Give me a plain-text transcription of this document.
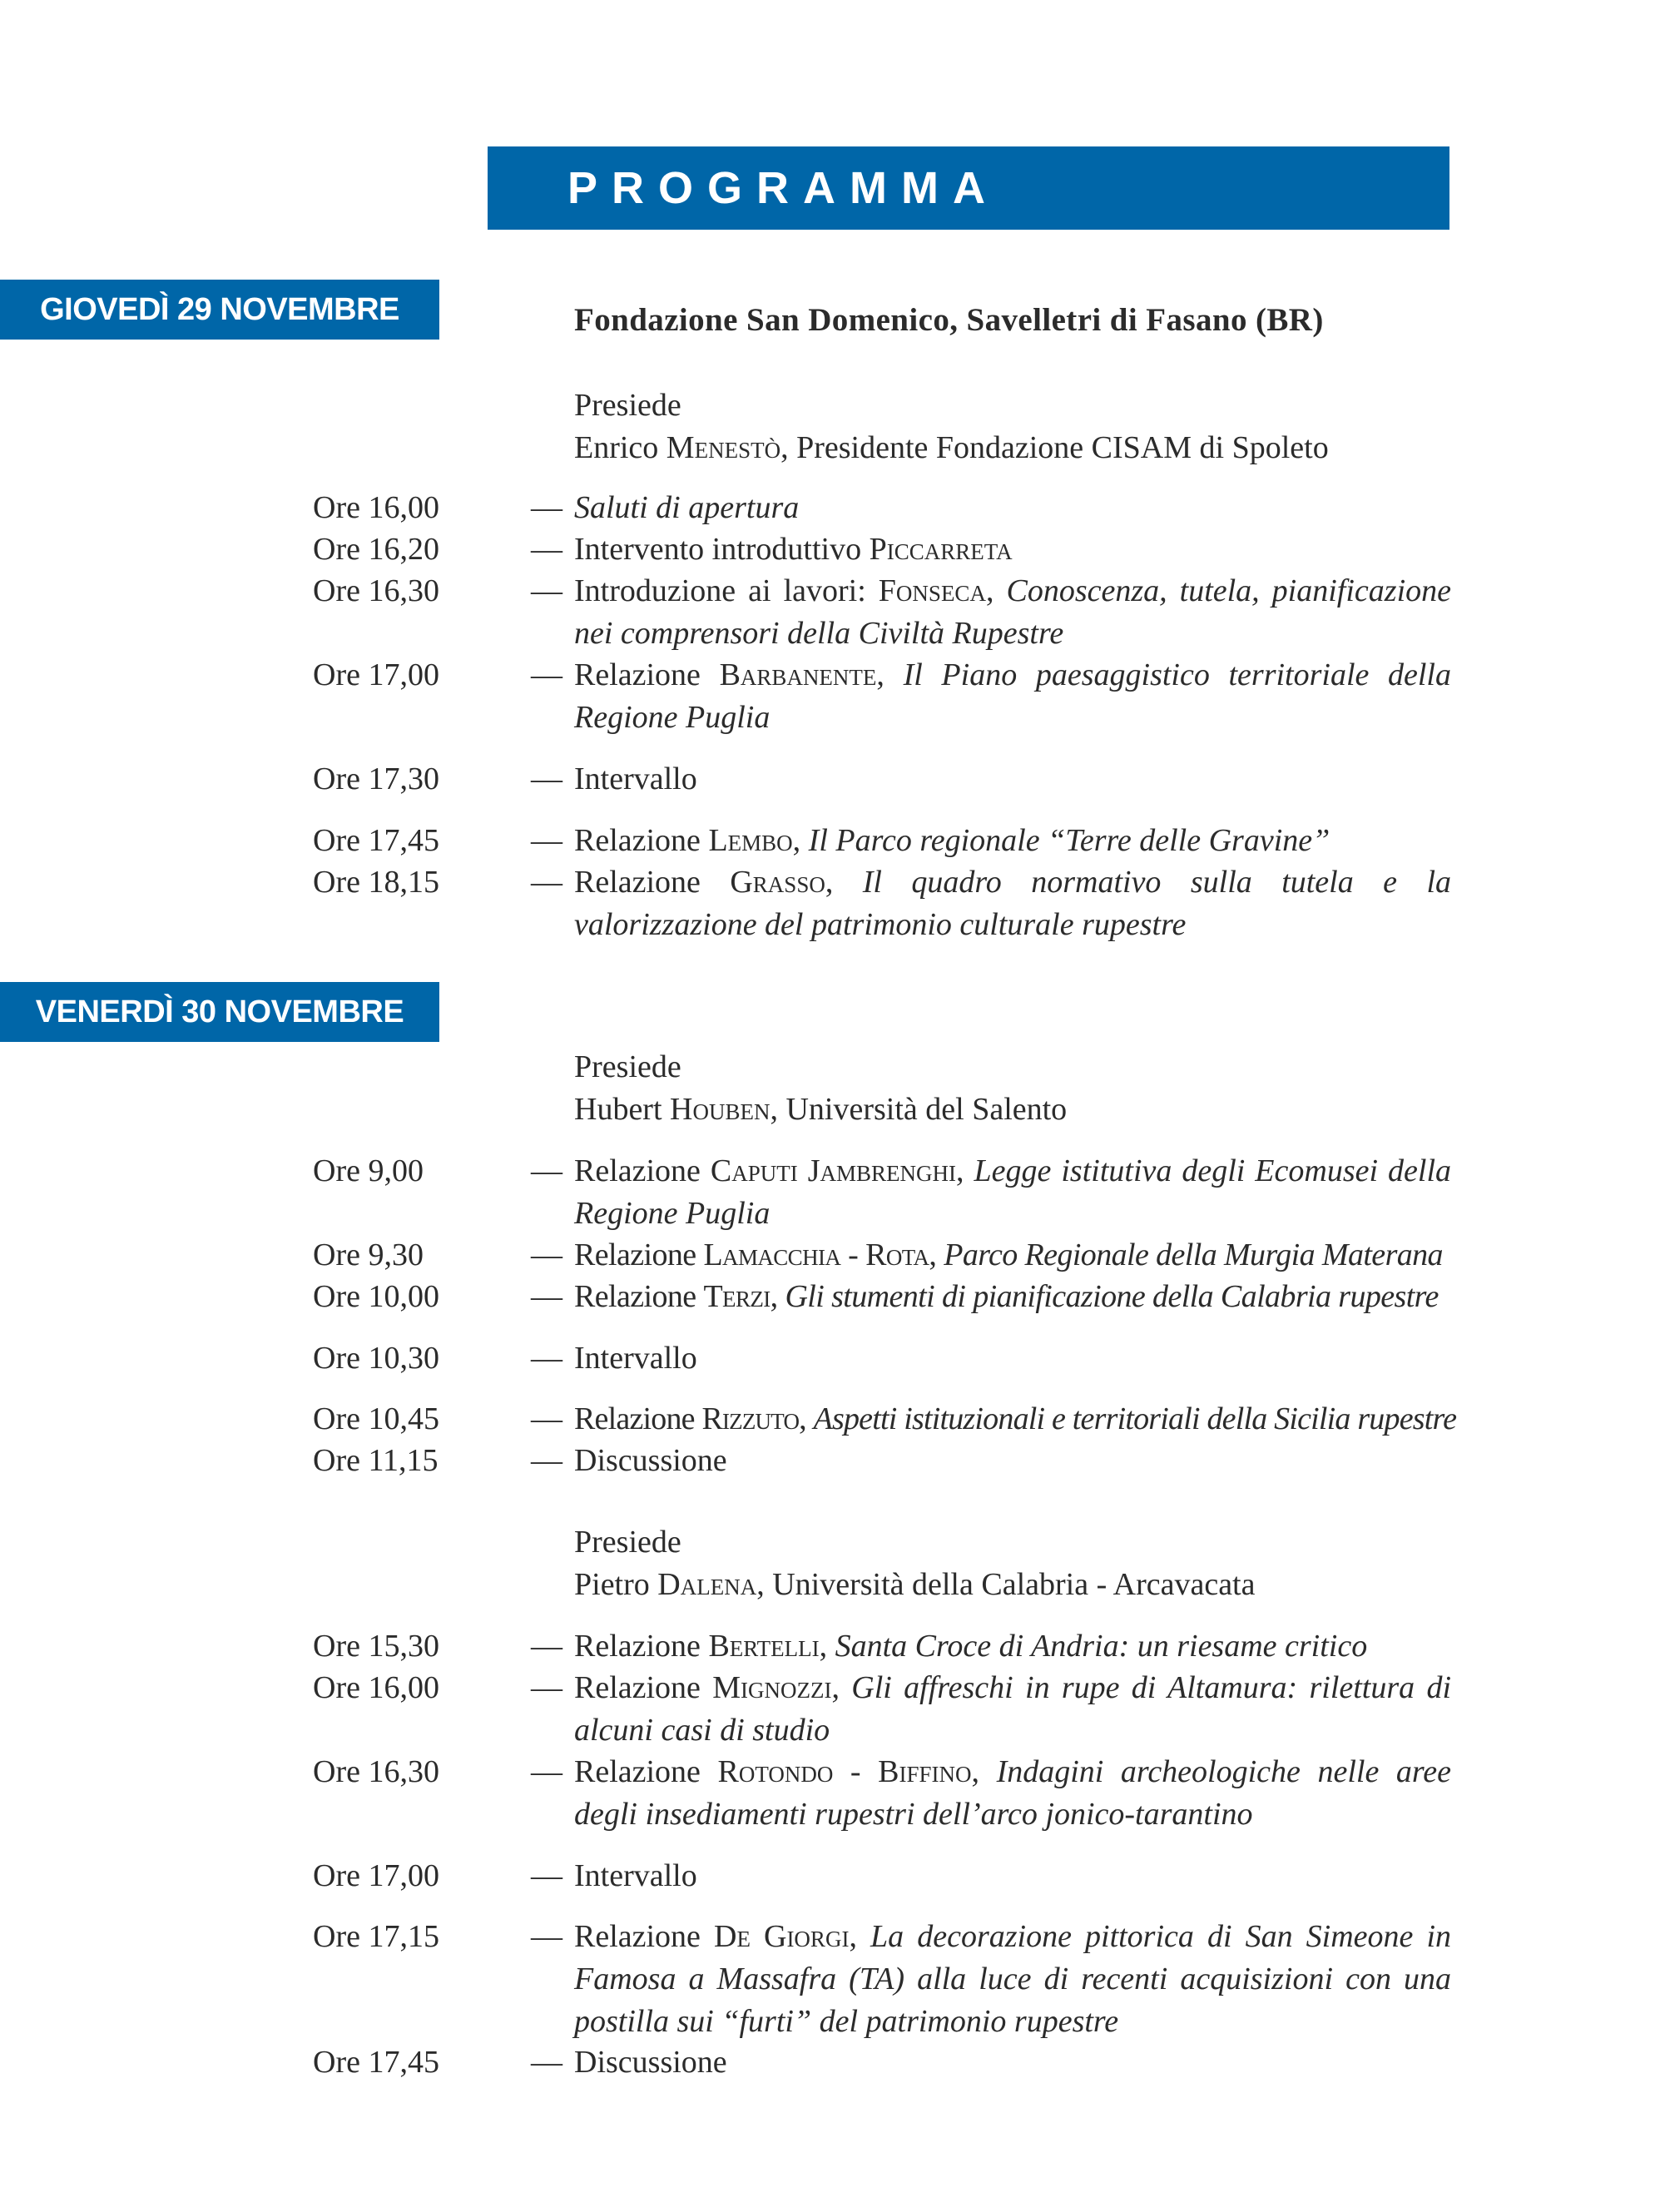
PROGRAMMA
GIOVEDÌ 29 NOVEMBRE	Fondazione San Domenico, Savelletri di Fasano (BR)
Presiede
Enrico Menestò, Presidente Fondazione CISAM di Spoleto
Ore 16,00	— Saluti di apertura
Ore 16,20	— Intervento introduttivo Piccarreta
Ore 16,30	— Introduzione ai lavori: Fonseca, Conoscenza, tutela, pianificazione nei comprensori della Civiltà Rupestre
Ore 17,00	— Relazione Barbanente, Il Piano paesaggistico territoriale della Regione Puglia
Ore 17,30	— Intervallo
Ore 17,45	— Relazione Lembo, Il Parco regionale “Terre delle Gravine”
Ore 18,15	— Relazione Grasso, Il quadro normativo sulla tutela e la valorizzazione del patrimonio culturale rupestre
VENERDÌ 30 NOVEMBRE
Presiede
Hubert Houben, Università del Salento
Ore 9,00	— Relazione Caputi Jambrenghi, Legge istitutiva degli Ecomusei della Regione Puglia
Ore 9,30	— Relazione Lamacchia - Rota, Parco Regionale della Murgia Materana
Ore 10,00	— Relazione Terzi, Gli stumenti di pianificazione della Calabria rupestre
Ore 10,30	— Intervallo
Ore 10,45	— Relazione Rizzuto, Aspetti istituzionali e territoriali della Sicilia rupestre
Ore 11,15	— Discussione
Presiede
Pietro Dalena, Università della Calabria - Arcavacata
Ore 15,30	— Relazione Bertelli, Santa Croce di Andria: un riesame critico
Ore 16,00	— Relazione Mignozzi, Gli affreschi in rupe di Altamura: rilettura di alcuni casi di studio
Ore 16,30	— Relazione Rotondo - Biffino, Indagini archeologiche nelle aree degli insediamenti rupestri dell’arco jonico-tarantino
Ore 17,00	— Intervallo
Ore 17,15	— Relazione De Giorgi, La decorazione pittorica di San Simeone in Famosa a Massafra (TA) alla luce di recenti acquisizioni con una postilla sui “furti” del patrimonio rupestre
Ore 17,45	— Discussione
